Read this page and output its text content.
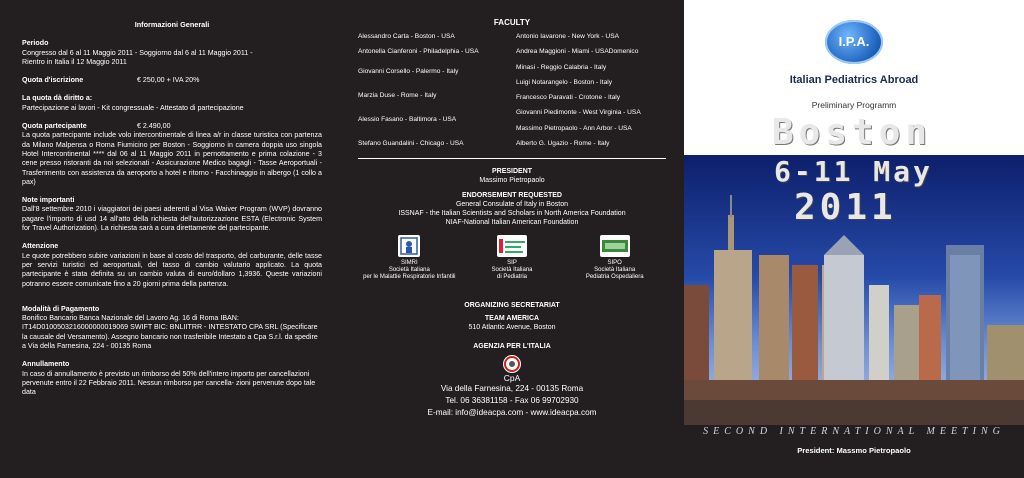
Informazioni Generali
Periodo
Congresso dal 6 al 11 Maggio 2011 - Soggiorno dal 6 al 11 Maggio 2011 -
Rientro in Italia il 12 Maggio 2011
Quota d'iscrizione	€ 250,00 + IVA 20%
La quota dà diritto a:
Partecipazione ai lavori - Kit congressuale - Attestato di partecipazione
Quota partecipante	€ 2.490,00
La quota partecipante include volo intercontinentale di linea a/r in classe turistica con partenza da Milano Malpensa o Roma Fiumicino per Boston - Soggiorno in camera doppia uso singola Hotel Intercontinental **** dal 06 al 11 Maggio 2011 in pernottamento e prima colazione - 3 cene presso ristoranti da noi selezionati - Assicurazione Medico bagagli - Tasse Aeroportuali - Trasferimento con assistenza da aeroporto a hotel e ritorno - Facchinaggio in albergo (1 collo a pax)
Note importanti
Dall'8 settembre 2010 i viaggiatori dei paesi aderenti al Visa Waiver Program (WVP) dovranno pagare l'importo di usd 14 all'atto della richiesta dell'autorizzazione ESTA (Electronic System for Travel Authorization). La richiesta sarà a cura direttamente del partecipante.
Attenzione
Le quote potrebbero subire variazioni in base al costo del trasporto, del carburante, delle tasse per servizi turistici ed aeroportuali, del tasso di cambio valutario applicato. La quota partecipante è stata definita su un cambio valuta di euro/dollaro 1,3936. Queste variazioni potranno essere comunicate fino a 20 giorni prima della partenza.
Modalità di Pagamento
Bonifico Bancario Banca Nazionale del Lavoro Ag. 16 di Roma IBAN: IT14D0100503216000000019069 SWIFT BIC: BNLIITRR - INTESTATO CPA SRL (Specificare la causale del Versamento). Assegno bancario non trasferibile Intestato a Cpa S.r.l. da spedire a Via della Farnesina, 224 - 00135 Roma
Annullamento
In caso di annullamento è previsto un rimborso del 50% dell'intero importo per cancellazioni pervenute entro il 22 Febbraio 2011. Nessun rimborso per cancella- zioni pervenute dopo tale data
FACULTY
Alessandro Carta - Boston - USA
Antonella Cianferoni - Philadelphia - USA
Giovanni Corsello - Palermo - Italy
Marzia Duse - Rome - Italy
Alessio Fasano - Baltimora - USA
Stefano Guandalini - Chicago - USA
Antonio Iavarone - New York - USA
Andrea Maggioni - Miami - USADomenico
Minasi - Reggio Calabria - Italy
Luigi Notarangelo - Boston - Italy
Francesco Paravati - Crotone - Italy
Giovanni Piedimonte - West Virginia - USA
Massimo Pietropaolo - Ann Arbor - USA
Alberto G. Ugazio - Rome - Italy
PRESIDENT
Massimo Pietropaolo
ENDORSEMENT REQUESTED
General Consulate of Italy in Boston
ISSNAF - the Italian Scientists and Scholars in North America Foundation
NIAF-National Italian American Foundation
SIMRI
Società Italiana
per le Malattie Respiratorie Infantili
SIP
Società Italiana
di Pediatria
SIPO
Società Italiana
Pediatria Ospedaliera
ORGANIZING SECRETARIAT
TEAM AMERICA
510 Atlantic Avenue, Boston
AGENZIA PER L'ITALIA
CpA
Via della Farnesina, 224 - 00135 Roma
Tel. 06 36381158 - Fax 06 99702930
E-mail: info@ideacpa.com - www.ideacpa.com
I.P.A.
Italian Pediatrics Abroad
Preliminary Programm
Boston
6-11 May
2011
SECOND INTERNATIONAL MEETING
President: Massmo Pietropaolo
